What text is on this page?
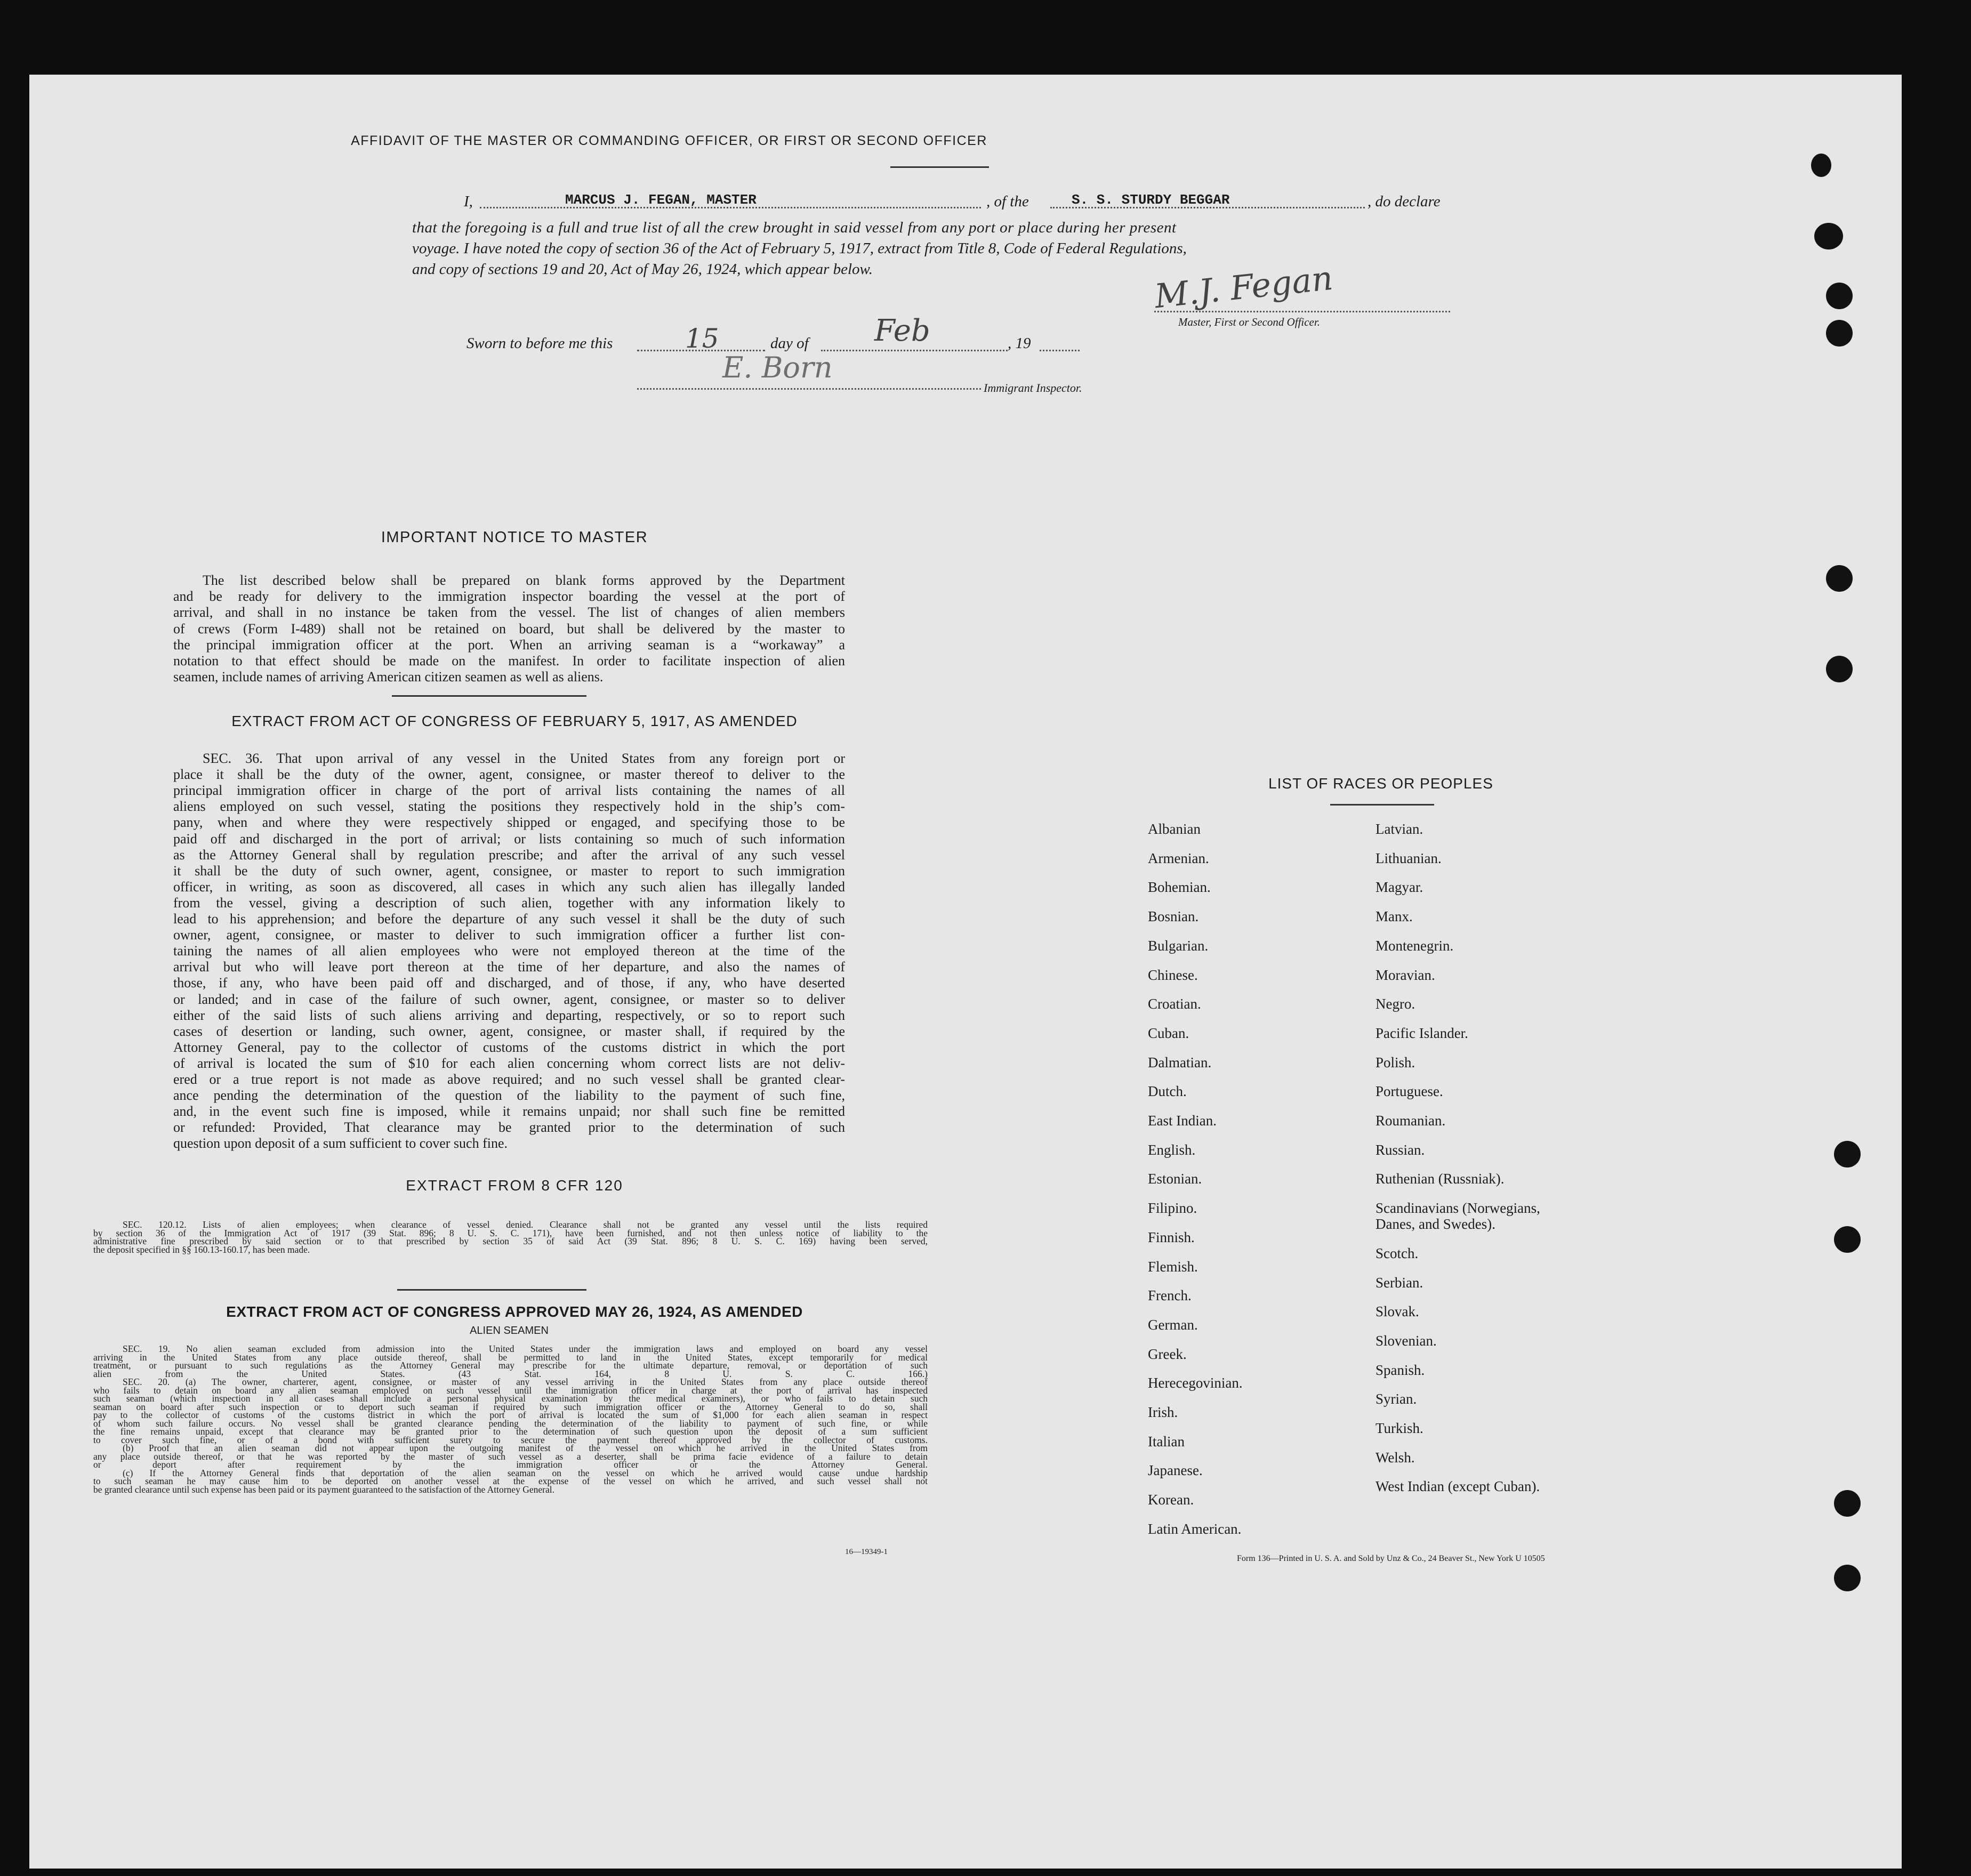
AFFIDAVIT OF THE MASTER OR COMMANDING OFFICER, OR FIRST OR SECOND OFFICER
I,	MARCUS J. FEGAN, MASTER	, of the	S. S. STURDY BEGGAR	, do declare
that the foregoing is a full and true list of all the crew brought in said vessel from any port or place during her present
voyage. I have noted the copy of section 36 of the Act of February 5, 1917, extract from Title 8, Code of Federal Regulations,
and copy of sections 19 and 20, Act of May 26, 1924, which appear below.	M.J. Fegan
Master, First or Second Officer.
Sworn to before me this	15	day of Feb	, 19
E. Born
Immigrant Inspector.
IMPORTANT NOTICE TO MASTER
The list described below shall be prepared on blank forms approved by the Department
and be ready for delivery to the immigration inspector boarding the vessel at the port of
arrival, and shall in no instance be taken from the vessel. The list of changes of alien members
of crews (Form I-489) shall not be retained on board, but shall be delivered by the master to
the principal immigration officer at the port. When an arriving seaman is a “workaway” a
notation to that effect should be made on the manifest. In order to facilitate inspection of alien
seamen, include names of arriving American citizen seamen as well as aliens.
EXTRACT FROM ACT OF CONGRESS OF FEBRUARY 5, 1917, AS AMENDED
SEC. 36. That upon arrival of any vessel in the United States from any foreign port or
place it shall be the duty of the owner, agent, consignee, or master thereof to deliver to the
principal immigration officer in charge of the port of arrival lists containing the names of all
aliens employed on such vessel, stating the positions they respectively hold in the ship’s com-
pany, when and where they were respectively shipped or engaged, and specifying those to be
paid off and discharged in the port of arrival; or lists containing so much of such information
as the Attorney General shall by regulation prescribe; and after the arrival of any such vessel
it shall be the duty of such owner, agent, consignee, or master to report to such immigration
officer, in writing, as soon as discovered, all cases in which any such alien has illegally landed
from the vessel, giving a description of such alien, together with any information likely to
lead to his apprehension; and before the departure of any such vessel it shall be the duty of such
owner, agent, consignee, or master to deliver to such immigration officer a further list con-
taining the names of all alien employees who were not employed thereon at the time of the
arrival but who will leave port thereon at the time of her departure, and also the names of
those, if any, who have been paid off and discharged, and of those, if any, who have deserted
or landed; and in case of the failure of such owner, agent, consignee, or master so to deliver
either of the said lists of such aliens arriving and departing, respectively, or so to report such
cases of desertion or landing, such owner, agent, consignee, or master shall, if required by the
Attorney General, pay to the collector of customs of the customs district in which the port
of arrival is located the sum of $10 for each alien concerning whom correct lists are not deliv-
ered or a true report is not made as above required; and no such vessel shall be granted clear-
ance pending the determination of the question of the liability to the payment of such fine,
and, in the event such fine is imposed, while it remains unpaid; nor shall such fine be remitted
or refunded: Provided, That clearance may be granted prior to the determination of such
question upon deposit of a sum sufficient to cover such fine.
EXTRACT FROM 8 CFR 120
SEC. 120.12. Lists of alien employees; when clearance of vessel denied. Clearance shall not be granted any vessel until the lists required
by section 36 of the Immigration Act of 1917 (39 Stat. 896; 8 U. S. C. 171), have been furnished, and not then unless notice of liability to the
administrative fine prescribed by said section or to that prescribed by section 35 of said Act (39 Stat. 896; 8 U. S. C. 169) having been served,
the deposit specified in §§ 160.13-160.17, has been made.
EXTRACT FROM ACT OF CONGRESS APPROVED MAY 26, 1924, AS AMENDED
ALIEN SEAMEN
SEC. 19. No alien seaman excluded from admission into the United States under the immigration laws and employed on board any vessel
arriving in the United States from any place outside thereof, shall be permitted to land in the United States, except temporarily for medical
treatment, or pursuant to such regulations as the Attorney General may prescribe for the ultimate departure, removal, or deportation of such
alien from the United States. (43 Stat. 164, 8 U. S. C. 166.)
SEC. 20. (a) The owner, charterer, agent, consignee, or master of any vessel arriving in the United States from any place outside thereof
who fails to detain on board any alien seaman employed on such vessel until the immigration officer in charge at the port of arrival has inspected
such seaman (which inspection in all cases shall include a personal physical examination by the medical examiners), or who fails to detain such
seaman on board after such inspection or to deport such seaman if required by such immigration officer or the Attorney General to do so, shall
pay to the collector of customs of the customs district in which the port of arrival is located the sum of $1,000 for each alien seaman in respect
of whom such failure occurs. No vessel shall be granted clearance pending the determination of the liability to payment of such fine, or while
the fine remains unpaid, except that clearance may be granted prior to the determination of such question upon the deposit of a sum sufficient
to cover such fine, or of a bond with sufficient surety to secure the payment thereof approved by the collector of customs.
(b) Proof that an alien seaman did not appear upon the outgoing manifest of the vessel on which he arrived in the United States from
any place outside thereof, or that he was reported by the master of such vessel as a deserter, shall be prima facie evidence of a failure to detain
or deport after requirement by the immigration officer or the Attorney General.
(c) If the Attorney General finds that deportation of the alien seaman on the vessel on which he arrived would cause undue hardship
to such seaman he may cause him to be deported on another vessel at the expense of the vessel on which he arrived, and such vessel shall not
be granted clearance until such expense has been paid or its payment guaranteed to the satisfaction of the Attorney General.
16—19349-1
LIST OF RACES OR PEOPLES
Albanian
Armenian.
Bohemian.
Bosnian.
Bulgarian.
Chinese.
Croatian.
Cuban.
Dalmatian.
Dutch.
East Indian.
English.
Estonian.
Filipino.
Finnish.
Flemish.
French.
German.
Greek.
Herecegovinian.
Irish.
Italian
Japanese.
Korean.
Latin American.
Latvian.
Lithuanian.
Magyar.
Manx.
Montenegrin.
Moravian.
Negro.
Pacific Islander.
Polish.
Portuguese.
Roumanian.
Russian.
Ruthenian (Russniak).
Scandinavians (Norwegians,
Danes, and Swedes).
Scotch.
Serbian.
Slovak.
Slovenian.
Spanish.
Syrian.
Turkish.
Welsh.
West Indian (except Cuban).
Form 136—Printed in U. S. A. and Sold by Unz & Co., 24 Beaver St., New York U 10505
